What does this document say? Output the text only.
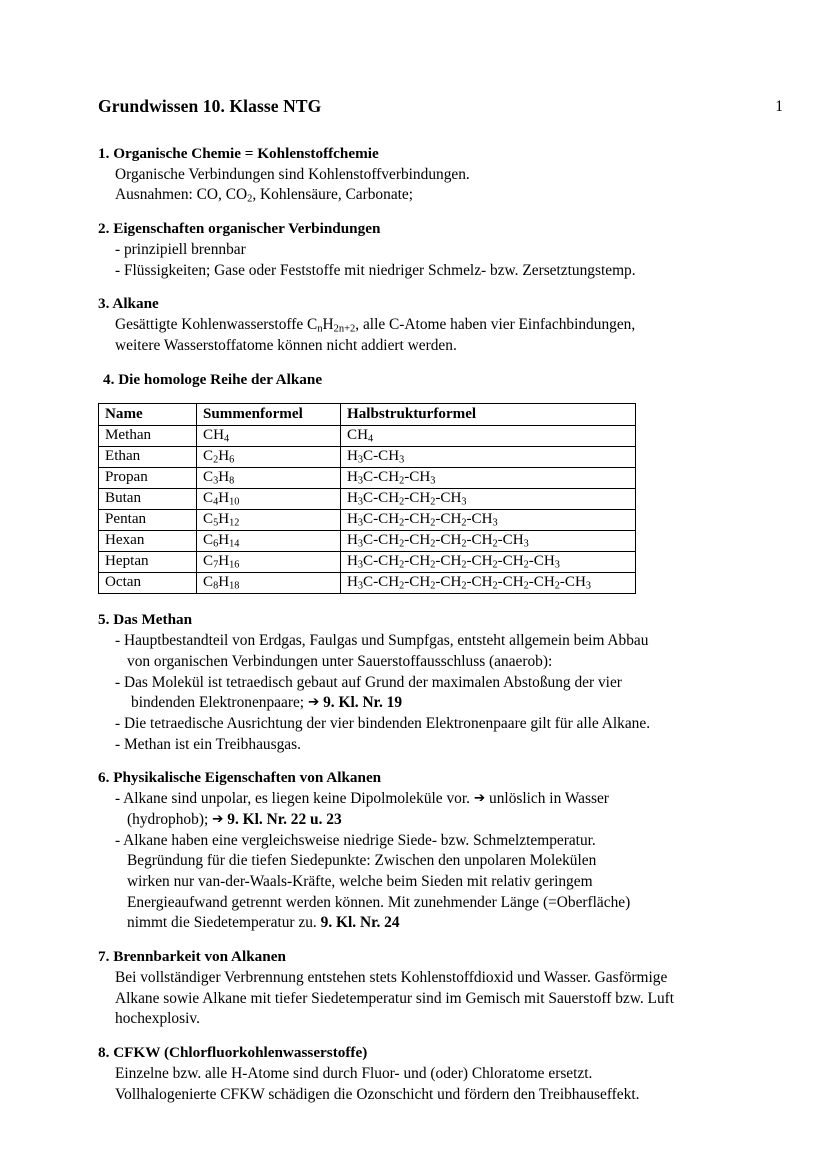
Grundwissen 10. Klasse NTG	1
1. Organische Chemie = Kohlenstoffchemie
Organische Verbindungen sind Kohlenstoffverbindungen.
Ausnahmen: CO, $CO_2$, Kohlensäure, Carbonate;
2. Eigenschaften organischer Verbindungen
- prinzipiell brennbar
- Flüssigkeiten; Gase oder Feststoffe mit niedriger Schmelz- bzw. Zersetztungstemp.
3. Alkane
Gesättigte Kohlenwasserstoffe $C_nH_{2n+2}$, alle C-Atome haben vier Einfachbindungen,
weitere Wasserstoffatome können nicht addiert werden.
4. Die homologe Reihe der Alkane
Name	Summenformel	Halbstrukturformel
Methan	$CH_4$	$CH_4$
Ethan	$C_2H_6$	$H_3C-CH_3$
Propan	$C_3H_8$	$H_3C-CH_2-CH_3$
Butan	$C_4H_{10}$	$H_3C-CH_2-CH_2-CH_3$
Pentan	$C_5H_{12}$	$H_3C-CH_2-CH_2-CH_2-CH_3$
Hexan	$C_6H_{14}$	$H_3C-CH_2-CH_2-CH_2-CH_2-CH_3$
Heptan	$C_7H_{16}$	$H_3C-CH_2-CH_2-CH_2-CH_2-CH_2-CH_3$
Octan	$C_8H_{18}$	$H_3C-CH_2-CH_2-CH_2-CH_2-CH_2-CH_2-CH_3$
5. Das Methan
- Hauptbestandteil von Erdgas, Faulgas und Sumpfgas, entsteht allgemein beim Abbau
von organischen Verbindungen unter Sauerstoffausschluss (anaerob):
- Das Molekül ist tetraedisch gebaut auf Grund der maximalen Abstoßung der vier
bindenden Elektronenpaare; ➔ 9. Kl. Nr. 19
- Die tetraedische Ausrichtung der vier bindenden Elektronenpaare gilt für alle Alkane.
- Methan ist ein Treibhausgas.
6. Physikalische Eigenschaften von Alkanen
- Alkane sind unpolar, es liegen keine Dipolmoleküle vor. ➔ unlöslich in Wasser
(hydrophob); ➔ 9. Kl. Nr. 22 u. 23
- Alkane haben eine vergleichsweise niedrige Siede- bzw. Schmelztemperatur.
Begründung für die tiefen Siedepunkte: Zwischen den unpolaren Molekülen
wirken nur van-der-Waals-Kräfte, welche beim Sieden mit relativ geringem
Energieaufwand getrennt werden können. Mit zunehmender Länge (=Oberfläche)
nimmt die Siedetemperatur zu. 9. Kl. Nr. 24
7. Brennbarkeit von Alkanen
Bei vollständiger Verbrennung entstehen stets Kohlenstoffdioxid und Wasser. Gasförmige
Alkane sowie Alkane mit tiefer Siedetemperatur sind im Gemisch mit Sauerstoff bzw. Luft
hochexplosiv.
8. CFKW (Chlorfluorkohlenwasserstoffe)
Einzelne bzw. alle H-Atome sind durch Fluor- und (oder) Chloratome ersetzt.
Vollhalogenierte CFKW schädigen die Ozonschicht und fördern den Treibhauseffekt.
